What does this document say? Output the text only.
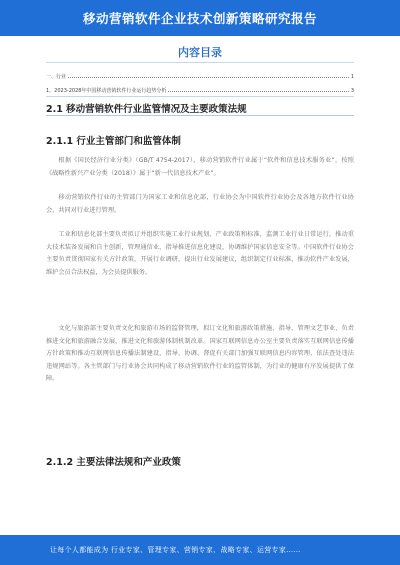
移动营销软件企业技术创新策略研究报告
内容目录
一、行业	1
1、2023-2028年中国移动营销软件行业运行趋势分析	3
2.1 移动营销软件行业监管情况及主要政策法规
2.1.1 行业主管部门和监管体制

根据《国民经济行业分类》（GB/T 4754-2017），移动营销软件行业属于“软件和信息技术服务业”，按照《战略性新兴产业分类（2018）》属于“新一代信息技术产业”。

移动营销软件行业的主管部门为国家工业和信息化部，行业协会为中国软件行业协会及各地方软件行业协会，共同对行业进行管理。

工业和信息化部主要负责拟订并组织实施工业行业规划、产业政策和标准，监测工业行业日常运行，推动重大技术装备发展和自主创新，管理通信业，指导推进信息化建设，协调维护国家信息安全等。中国软件行业协会主要负责贯彻国家有关方针政策，开展行业调研，提出行业发展建议，组织制定行业标准，推动软件产业发展，维护会员合法权益，为会员提供服务。

文化与旅游部主要负责文化和旅游市场的监督管理，拟订文化和旅游政策措施，指导、管理文艺事业，负责推进文化和旅游融合发展，推进文化和旅游体制机制改革。国家互联网信息办公室主要负责落实互联网信息传播方针政策和推动互联网信息传播法制建设，指导、协调、督促有关部门加强互联网信息内容管理，依法查处违法违规网站等。各主管部门与行业协会共同构成了移动营销软件行业的监管体制，为行业的健康有序发展提供了保障。

2.1.2 主要法律法规和产业政策
让每个人都能成为 行业专家、管理专家、营销专家、战略专家、运营专家……
